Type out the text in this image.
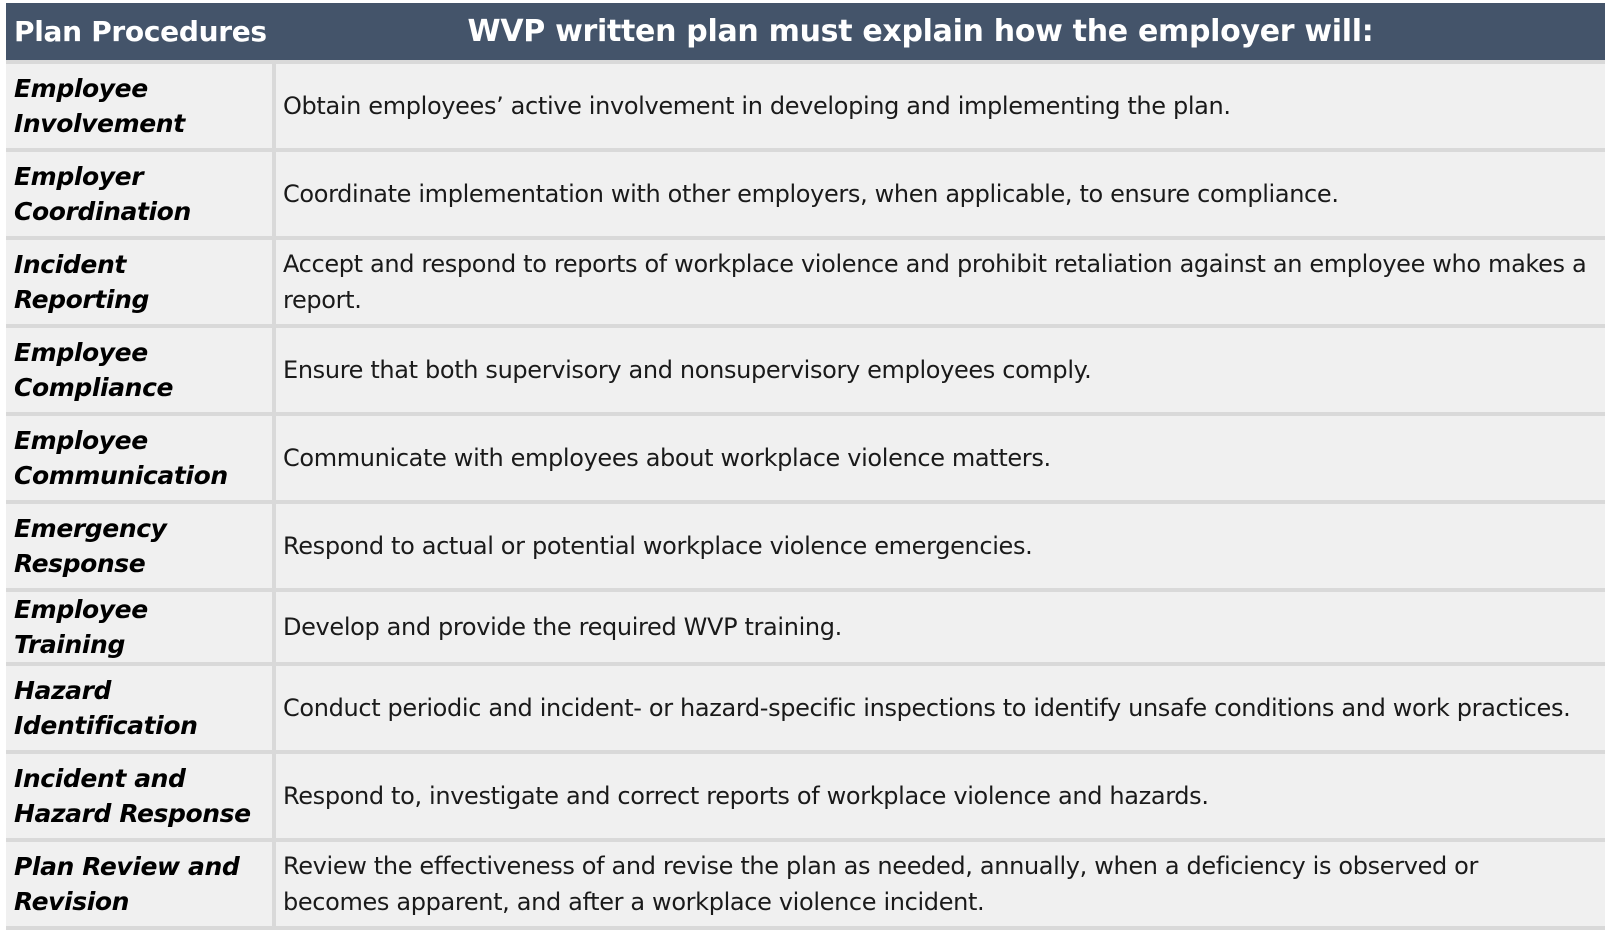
Plan Procedures	WVP written plan must explain how the employer will:
Employee Involvement	Obtain employees’ active involvement in developing and implementing the plan.
Employer Coordination	Coordinate implementation with other employers, when applicable, to ensure compliance.
Incident Reporting	Accept and respond to reports of workplace violence and prohibit retaliation against an employee who makes a report.
Employee Compliance	Ensure that both supervisory and nonsupervisory employees comply.
Employee Communication	Communicate with employees about workplace violence matters.
Emergency Response	Respond to actual or potential workplace violence emergencies.
Employee Training	Develop and provide the required WVP training.
Hazard Identification	Conduct periodic and incident- or hazard-specific inspections to identify unsafe conditions and work practices.
Incident and Hazard Response	Respond to, investigate and correct reports of workplace violence and hazards.
Plan Review and Revision	Review the effectiveness of and revise the plan as needed, annually, when a deficiency is observed or becomes apparent, and after a workplace violence incident.
